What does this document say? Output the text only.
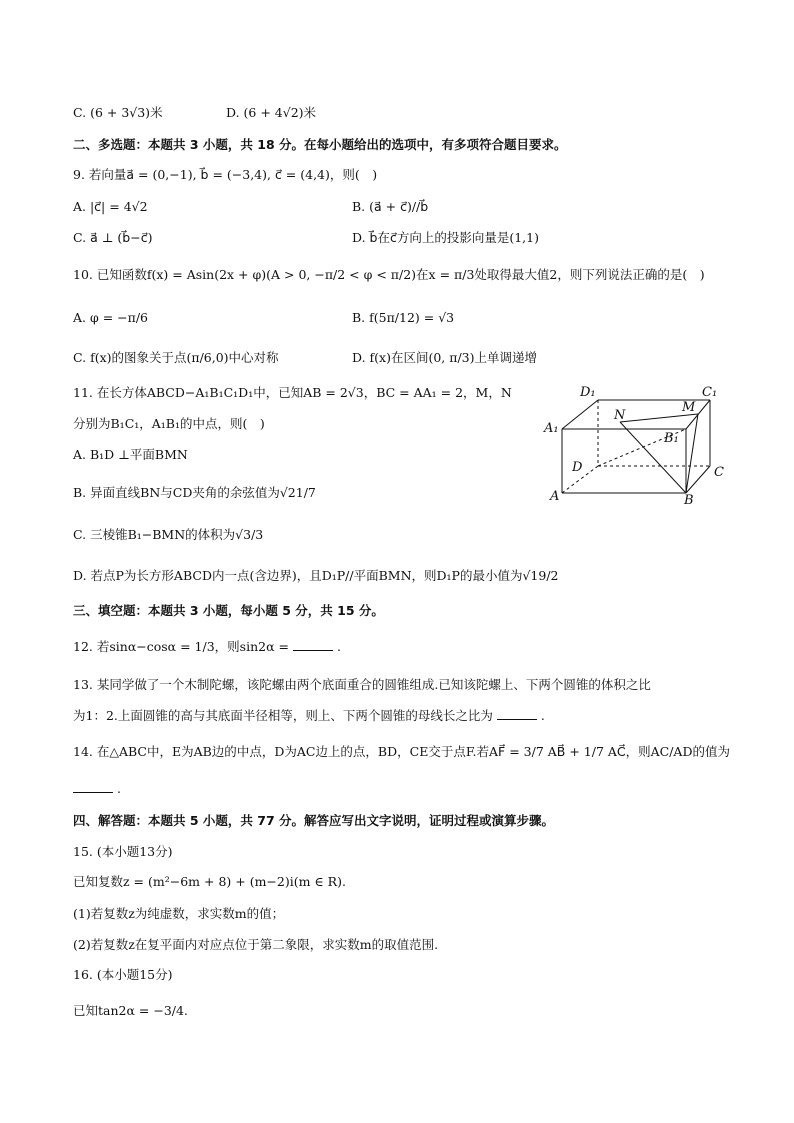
C. (6 + 3√3)米	D. (6 + 4√2)米
二、多选题：本题共 3 小题，共 18 分。在每小题给出的选项中，有多项符合题目要求。
9. 若向量a⃗ = (0,−1), b⃗ = (−3,4), c⃗ = (4,4)，则(　)
A. |c⃗| = 4√2	B. (a⃗ + c⃗)//b⃗
C. a⃗ ⊥ (b⃗−c⃗)	D. b⃗在c⃗方向上的投影向量是(1,1)
10. 已知函数f(x) = Asin(2x + φ)(A > 0, −π/2 < φ < π/2)在x = π/3处取得最大值2，则下列说法正确的是(　)
A. φ = −π/6	B. f(5π/12) = √3
C. f(x)的图象关于点(π/6,0)中心对称	D. f(x)在区间(0, π/3)上单调递增
11. 在长方体ABCD−A₁B₁C₁D₁中，已知AB = 2√3，BC = AA₁ = 2，M，N
分别为B₁C₁，A₁B₁的中点，则(　)
A. B₁D ⊥平面BMN
B. 异面直线BN与CD夹角的余弦值为√21/7
C. 三棱锥B₁−BMN的体积为√3/3
D. 若点P为长方形ABCD内一点(含边界)，且D₁P//平面BMN，则D₁P的最小值为√19/2
D₁	C₁
A₁
B₁
N
M
D	C
A	B
三、填空题：本题共 3 小题，每小题 5 分，共 15 分。
12. 若sinα−cosα = 1/3，则sin2α =	.
13. 某同学做了一个木制陀螺，该陀螺由两个底面重合的圆锥组成.已知该陀螺上、下两个圆锥的体积之比
为1：2.上面圆锥的高与其底面半径相等，则上、下两个圆锥的母线长之比为	.
14. 在△ABC中，E为AB边的中点，D为AC边上的点，BD，CE交于点F.若AF⃗ = 3/7 AB⃗ + 1/7 AC⃗，则AC/AD的值为
.
四、解答题：本题共 5 小题，共 77 分。解答应写出文字说明，证明过程或演算步骤。
15. (本小题13分)
已知复数z = (m²−6m + 8) + (m−2)i(m ∈ R).
(1)若复数z为纯虚数，求实数m的值；
(2)若复数z在复平面内对应点位于第二象限，求实数m的取值范围.
16. (本小题15分)
已知tan2α = −3/4.
